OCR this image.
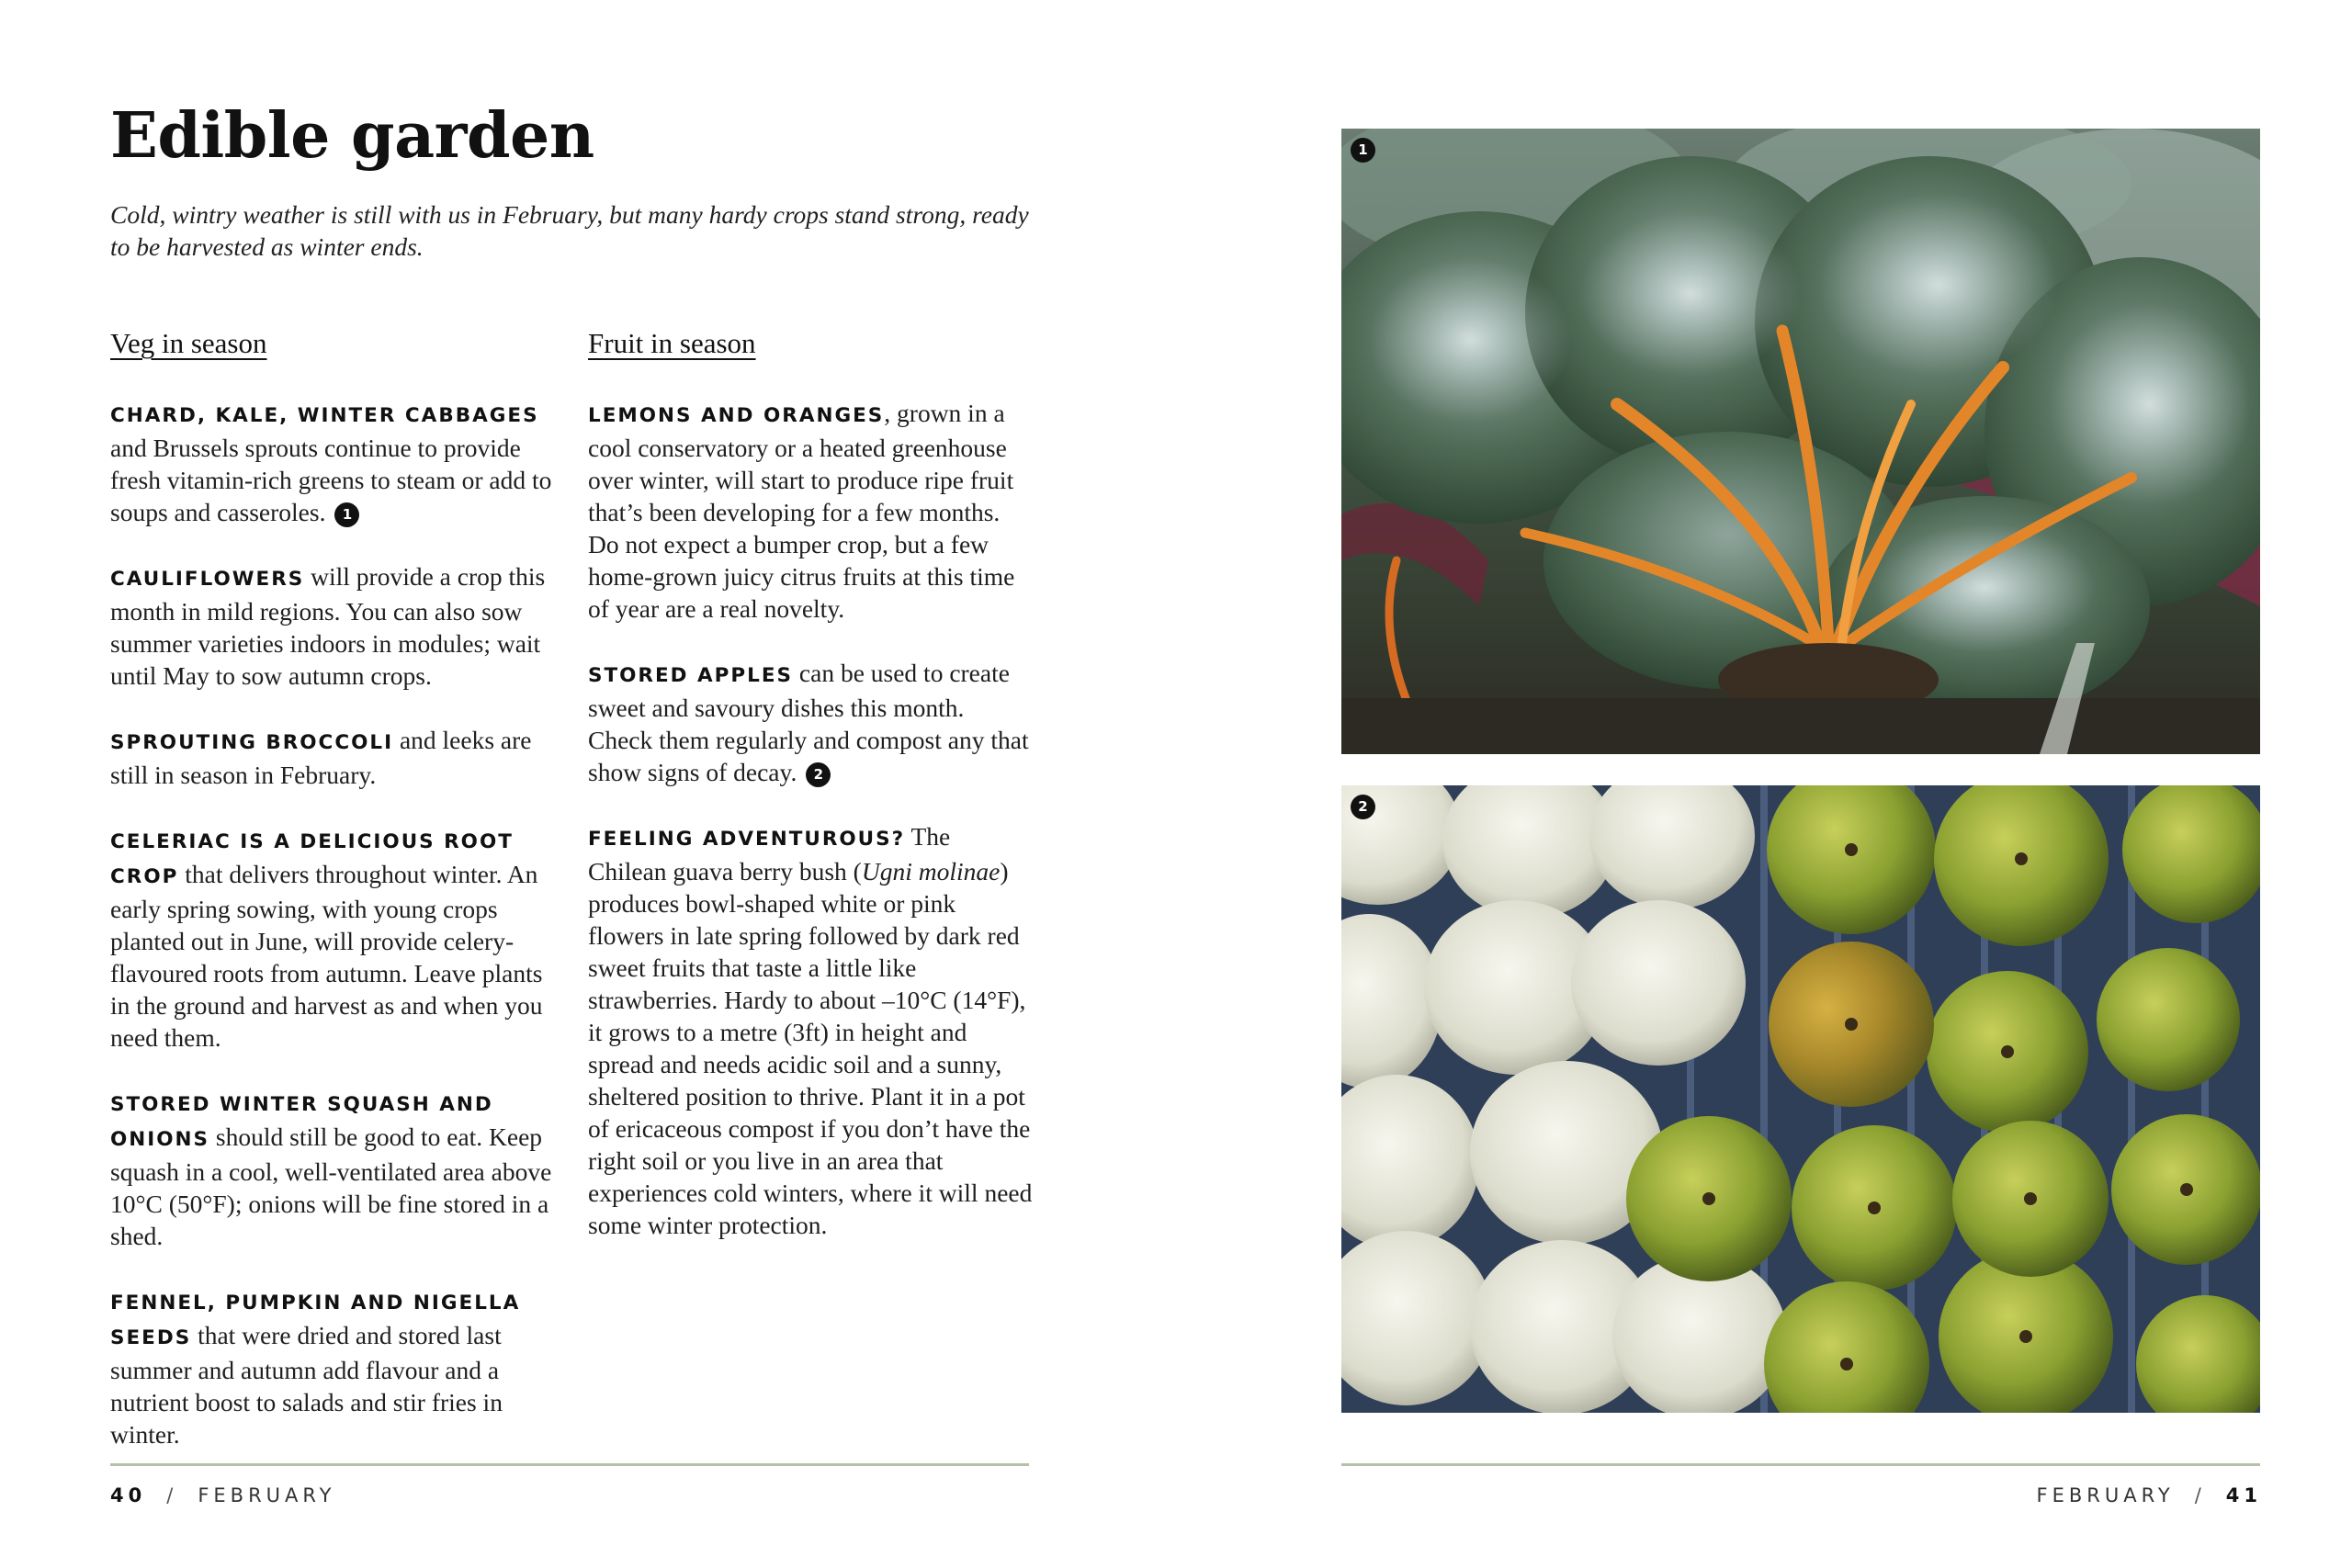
Edible garden

Cold, wintry weather is still with us in February, but many hardy crops stand strong, ready to be harvested as winter ends.

Veg in season

CHARD, KALE, WINTER CABBAGES and Brussels sprouts continue to provide fresh vitamin-rich greens to steam or add to soups and casseroles. 1

CAULIFLOWERS will provide a crop this month in mild regions. You can also sow summer varieties indoors in modules; wait until May to sow autumn crops.

SPROUTING BROCCOLI and leeks are still in season in February.

CELERIAC IS A DELICIOUS ROOT CROP that delivers throughout winter. An early spring sowing, with young crops planted out in June, will provide celery-flavoured roots from autumn. Leave plants in the ground and harvest as and when you need them.

STORED WINTER SQUASH AND ONIONS should still be good to eat. Keep squash in a cool, well-ventilated area above 10°C (50°F); onions will be fine stored in a shed.

FENNEL, PUMPKIN AND NIGELLA SEEDS that were dried and stored last summer and autumn add flavour and a nutrient boost to salads and stir fries in winter.

Fruit in season

LEMONS AND ORANGES, grown in a cool conservatory or a heated greenhouse over winter, will start to produce ripe fruit that’s been developing for a few months. Do not expect a bumper crop, but a few home-grown juicy citrus fruits at this time of year are a real novelty.

STORED APPLES can be used to create sweet and savoury dishes this month. Check them regularly and compost any that show signs of decay. 2

FEELING ADVENTUROUS? The Chilean guava berry bush (Ugni molinae) produces bowl-shaped white or pink flowers in late spring followed by dark red sweet fruits that taste a little like strawberries. Hardy to about –10°C (14°F), it grows to a metre (3ft) in height and spread and needs acidic soil and a sunny, sheltered position to thrive. Plant it in a pot of ericaceous compost if you don’t have the right soil or you live in an area that experiences cold winters, where it will need some winter protection.

40 / FEBRUARY
1
2
FEBRUARY / 41
